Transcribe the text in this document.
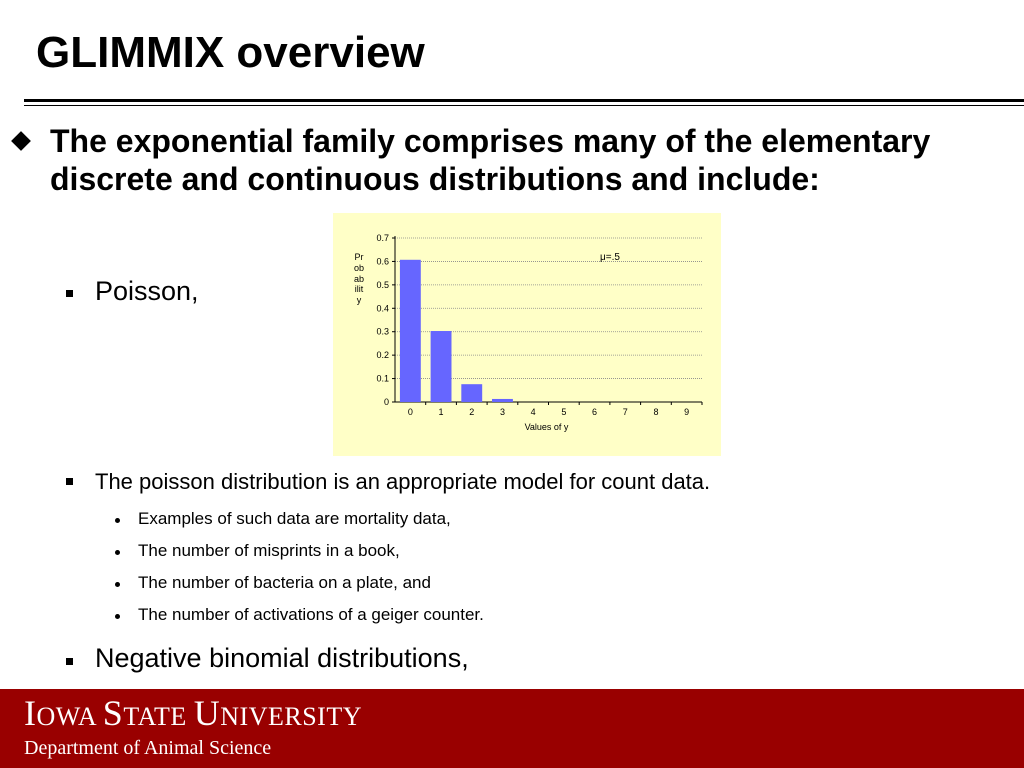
GLIMMIX overview

The exponential family comprises many of the elementary discrete and continuous distributions and include:

Poisson,

0
0.1
0.2
0.3
0.4
0.5
0.6
0.7
0	1	2	3	4	5	6	7	8	9
Values of y
μ=.5
Probability

The poisson distribution is an appropriate model for count data.

Examples of such data are mortality data,

The number of misprints in a book,

The number of bacteria on a plate, and

The number of activations of a geiger counter.

Negative binomial distributions,

IOWA STATE UNIVERSITY

Department of Animal Science
